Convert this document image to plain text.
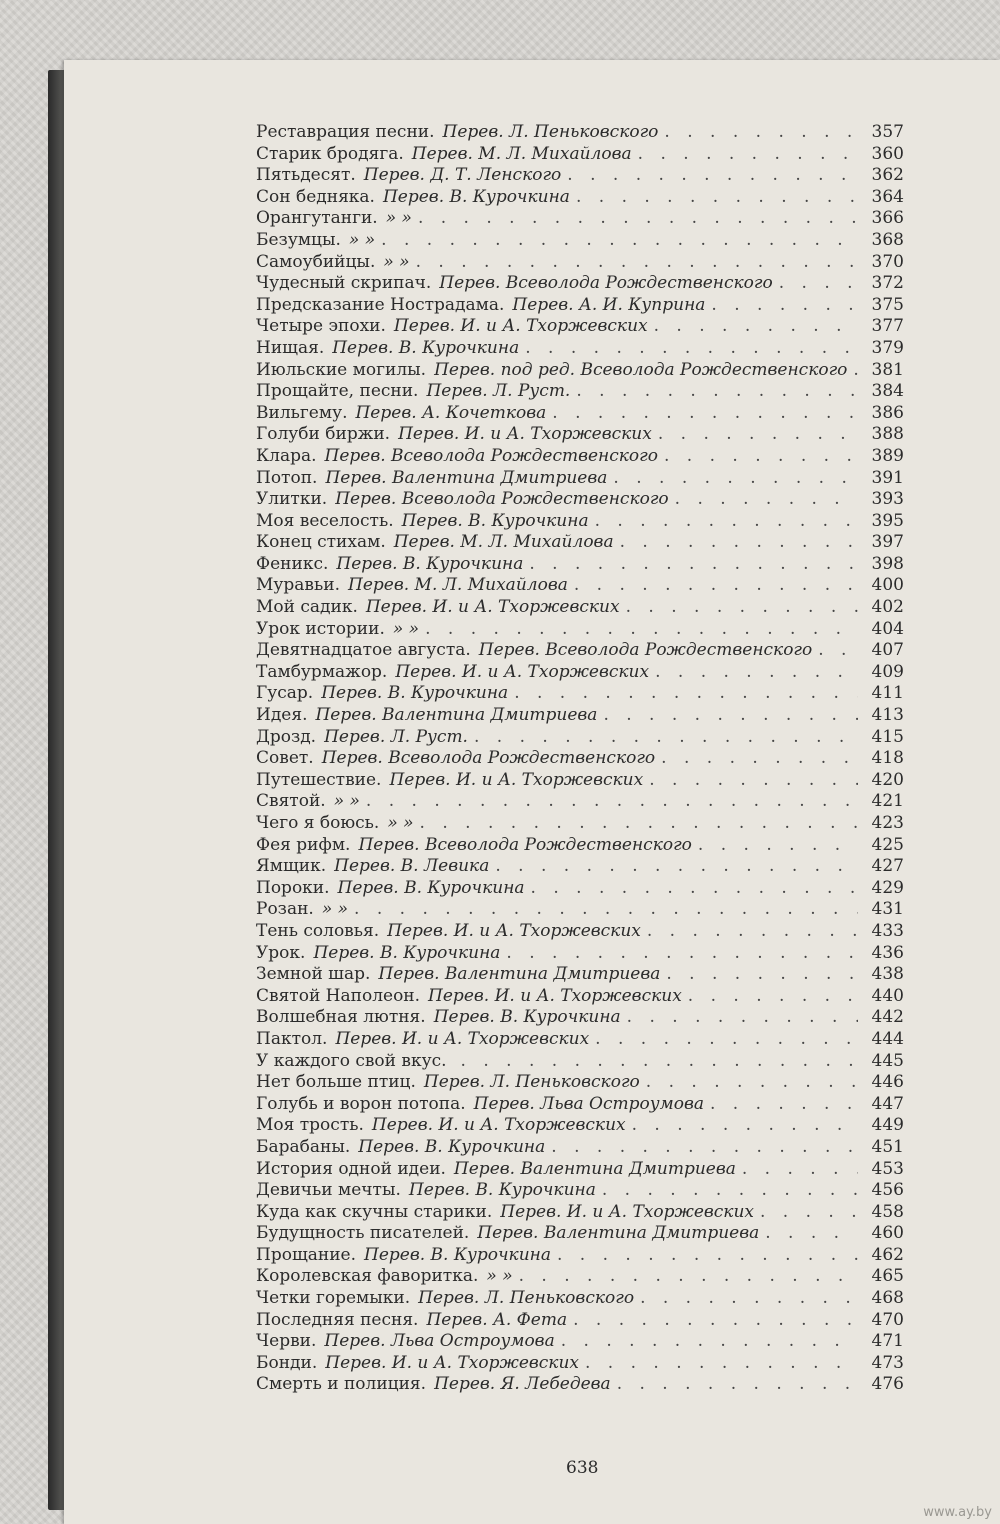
Реставрация песни. Перев. Л. Пеньковского . . .	357
Старик бродяга. Перев. М. Л. Михайлова . . .	360
Пятьдесят. Перев. Д. Т. Ленского . . .	362
Сон бедняка. Перев. В. Курочкина . . .	364
Орангутанги. » » . . .	366
Безумцы. » » . . .	368
Самоубийцы. » » . . .	370
Чудесный скрипач. Перев. Всеволода Рождественского . . .	372
Предсказание Нострадама. Перев. А. И. Куприна . . .	375
Четыре эпохи. Перев. И. и А. Тхоржевских . . .	377
Нищая. Перев. В. Курочкина . . .	379
Июльские могилы. Перев. под ред. Всеволода Рождественского . . .	381
Прощайте, песни. Перев. Л. Руст. . . .	384
Вильгему. Перев. А. Кочеткова . . .	386
Голуби биржи. Перев. И. и А. Тхоржевских . . .	388
Клара. Перев. Всеволода Рождественского . . .	389
Потоп. Перев. Валентина Дмитриева . . .	391
Улитки. Перев. Всеволода Рождественского . . .	393
Моя веселость. Перев. В. Курочкина . . .	395
Конец стихам. Перев. М. Л. Михайлова . . .	397
Феникс. Перев. В. Курочкина . . .	398
Муравьи. Перев. М. Л. Михайлова . . .	400
Мой садик. Перев. И. и А. Тхоржевских . . .	402
Урок истории. » » . . .	404
Девятнадцатое августа. Перев. Всеволода Рождественского . . .	407
Тамбурмажор. Перев. И. и А. Тхоржевских . . .	409
Гусар. Перев. В. Курочкина . . .	411
Идея. Перев. Валентина Дмитриева . . .	413
Дрозд. Перев. Л. Руст. . . .	415
Совет. Перев. Всеволода Рождественского . . .	418
Путешествие. Перев. И. и А. Тхоржевских . . .	420
Святой. » » . . .	421
Чего я боюсь. » » . . .	423
Фея рифм. Перев. Всеволода Рождественского . . .	425
Ямщик. Перев. В. Левика . . .	427
Пороки. Перев. В. Курочкина . . .	429
Розан. » » . . .	431
Тень соловья. Перев. И. и А. Тхоржевских . . .	433
Урок. Перев. В. Курочкина . . .	436
Земной шар. Перев. Валентина Дмитриева . . .	438
Святой Наполеон. Перев. И. и А. Тхоржевских . . .	440
Волшебная лютня. Перев. В. Курочкина . . .	442
Пактол. Перев. И. и А. Тхоржевских . . .	444
У каждого свой вкус. . . .	445
Нет больше птиц. Перев. Л. Пеньковского . . .	446
Голубь и ворон потопа. Перев. Льва Остроумова . . .	447
Моя трость. Перев. И. и А. Тхоржевских . . .	449
Барабаны. Перев. В. Курочкина . . .	451
История одной идеи. Перев. Валентина Дмитриева . . .	453
Девичьи мечты. Перев. В. Курочкина . . .	456
Куда как скучны старики. Перев. И. и А. Тхоржевских . . .	458
Будущность писателей. Перев. Валентина Дмитриева . . .	460
Прощание. Перев. В. Курочкина . . .	462
Королевская фаворитка. » » . . .	465
Четки горемыки. Перев. Л. Пеньковского . . .	468
Последняя песня. Перев. А. Фета . . .	470
Черви. Перев. Льва Остроумова . . .	471
Бонди. Перев. И. и А. Тхоржевских . . .	473
Смерть и полиция. Перев. Я. Лебедева . . .	476
638
www.ay.by
